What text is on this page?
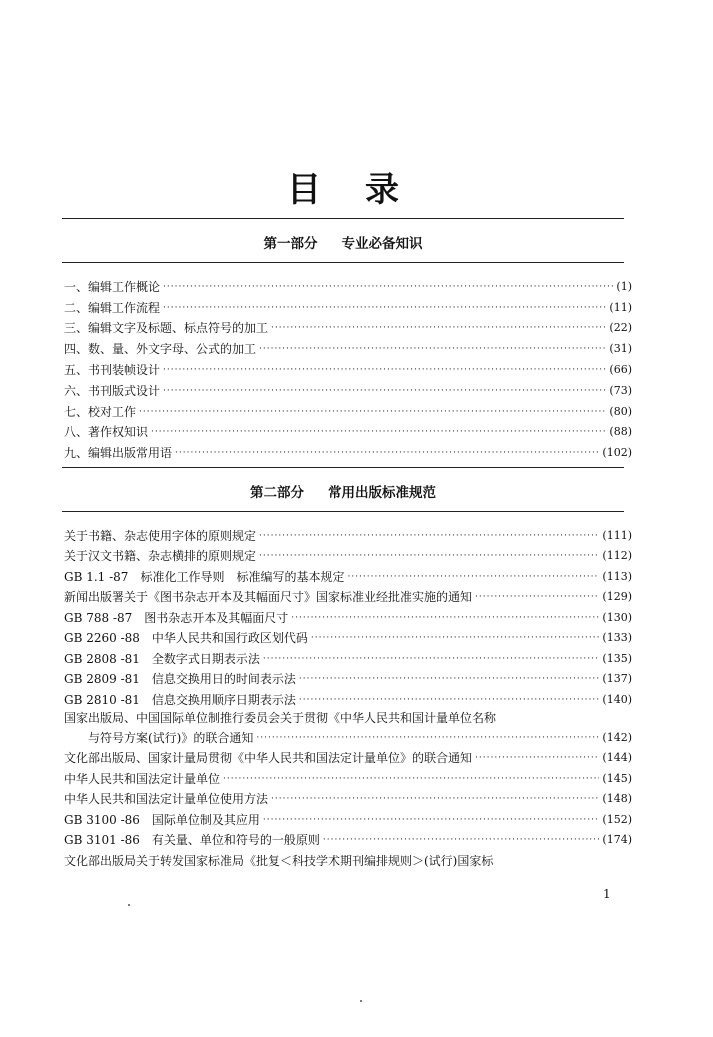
目录
第一部分 专业必备知识
一、编辑工作概论 ·····	(1)
二、编辑工作流程 ·····	(11)
三、编辑文字及标题、标点符号的加工 ·····	(22)
四、数、量、外文字母、公式的加工 ·····	(31)
五、书刊装帧设计 ·····	(66)
六、书刊版式设计 ·····	(73)
七、校对工作 ·····	(80)
八、著作权知识 ·····	(88)
九、编辑出版常用语 ·····	(102)
第二部分 常用出版标准规范
关于书籍、杂志使用字体的原则规定 ·····	(111)
关于汉文书籍、杂志横排的原则规定 ·····	(112)
GB 1.1 -87　标准化工作导则　标准编写的基本规定 ·····	(113)
新闻出版署关于《图书杂志开本及其幅面尺寸》国家标准业经批准实施的通知 ·····	(129)
GB 788 -87　图书杂志开本及其幅面尺寸 ·····	(130)
GB 2260 -88　中华人民共和国行政区划代码 ·····	(133)
GB 2808 -81　全数字式日期表示法 ·····	(135)
GB 2809 -81　信息交换用日的时间表示法 ·····	(137)
GB 2810 -81　信息交换用顺序日期表示法 ·····	(140)
国家出版局、中国国际单位制推行委员会关于贯彻《中华人民共和国计量单位名称
与符号方案(试行)》的联合通知 ·····	(142)
文化部出版局、国家计量局贯彻《中华人民共和国法定计量单位》的联合通知 ·····	(144)
中华人民共和国法定计量单位 ·····	(145)
中华人民共和国法定计量单位使用方法 ·····	(148)
GB 3100 -86　国际单位制及其应用 ·····	(152)
GB 3101 -86　有关量、单位和符号的一般原则 ·····	(174)
文化部出版局关于转发国家标准局《批复＜科技学术期刊编排规则＞(试行)国家标
1
